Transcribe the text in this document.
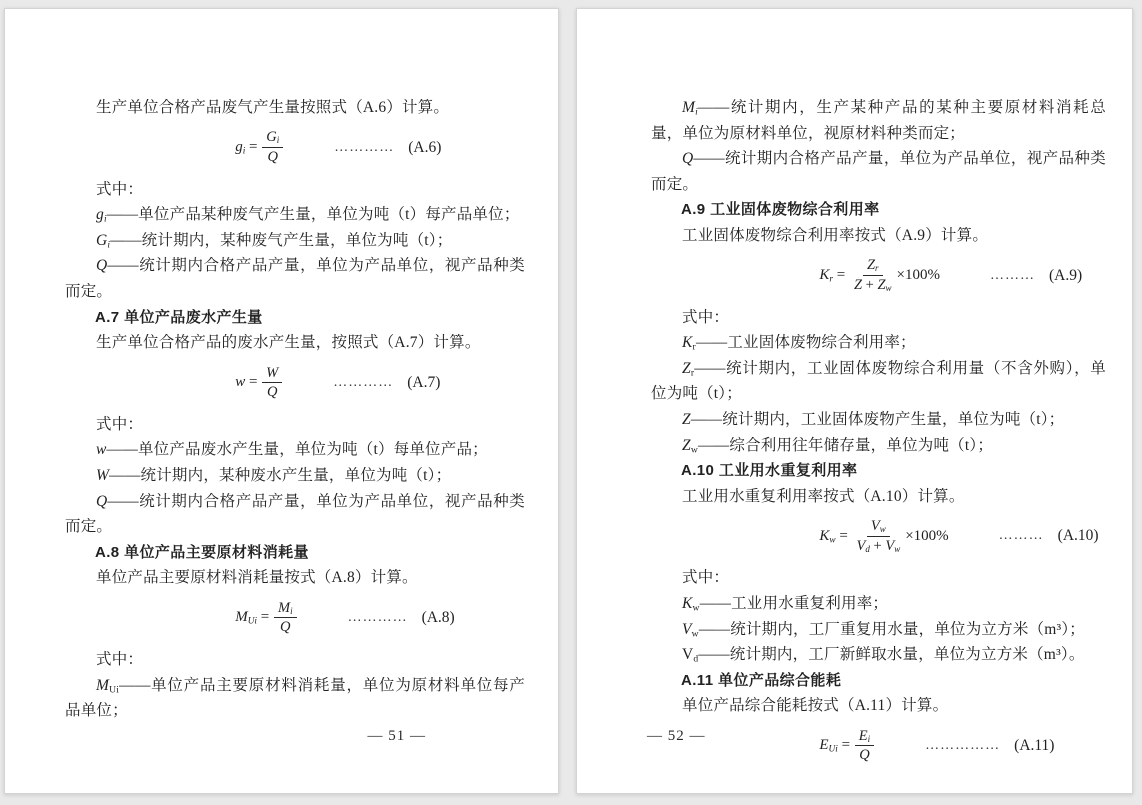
生产单位合格产品废气产生量按照式（A.6）计算。

$g_i = \frac{G_i}{Q}$	………… (A.6)

式中：

$g_i——$单位产品某种废气产生量，单位为吨（t）每产品单位；

$G_i——$统计期内，某种废气产生量，单位为吨（t）；

Q——统计期内合格产品产量，单位为产品单位，视产品种类而定。

A.7 单位产品废水产生量

生产单位合格产品的废水产生量，按照式（A.7）计算。

$w = \frac{W}{Q}$	………… (A.7)

式中：

w——单位产品废水产生量，单位为吨（t）每单位产品；

W——统计期内，某种废水产生量，单位为吨（t）；

Q——统计期内合格产品产量，单位为产品单位，视产品种类而定。

A.8 单位产品主要原材料消耗量

单位产品主要原材料消耗量按式（A.8）计算。

$M_{Ui} = \frac{M_i}{Q}$	………… (A.8)

式中：

$M_{Ui}——$单位产品主要原材料消耗量，单位为原材料单位每产品单位；

— 51 —

$M_i——$统计期内，生产某种产品的某种主要原材料消耗总量，单位为原材料单位，视原材料种类而定；

Q——统计期内合格产品产量，单位为产品单位，视产品种类而定。

A.9 工业固体废物综合利用率

工业固体废物综合利用率按式（A.9）计算。

$K_r = \frac{Z_r}{Z + Z_w} \times 100\%$	……… (A.9)

式中：

$K_r——$工业固体废物综合利用率；

$Z_r——$统计期内，工业固体废物综合利用量（不含外购），单位为吨（t）；

Z——统计期内，工业固体废物产生量，单位为吨（t）；

$Z_w——$综合利用往年储存量，单位为吨（t）；

A.10 工业用水重复利用率

工业用水重复利用率按式（A.10）计算。

$K_w = \frac{V_w}{V_d + V_w} \times 100\%$	……… (A.10)

式中：

$K_w——$工业用水重复利用率；

$V_w——$统计期内，工厂重复用水量，单位为立方米（m³）；

$V_d——$统计期内，工厂新鲜取水量，单位为立方米（m³）。

A.11 单位产品综合能耗

单位产品综合能耗按式（A.11）计算。

$E_{Ui} = \frac{E_i}{Q}$	…………… (A.11)
— 52 —
